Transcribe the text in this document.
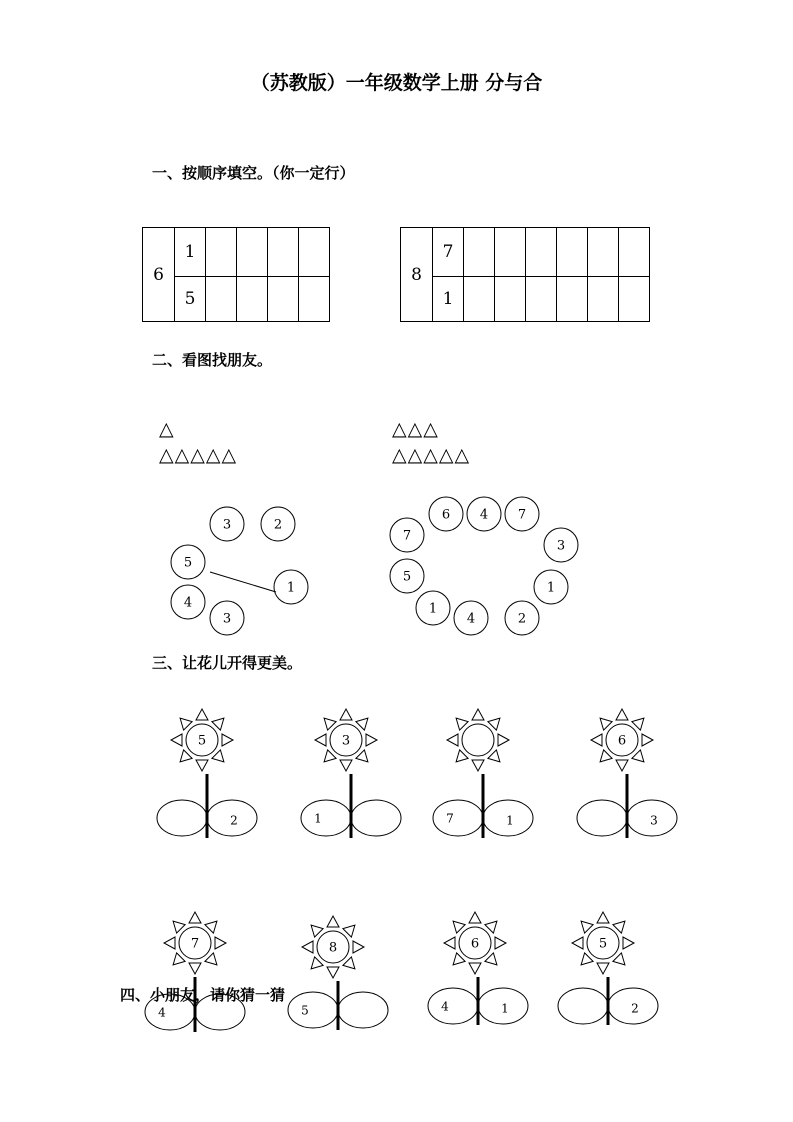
（苏教版）一年级数学上册 分与合
一、按顺序填空。（你一定行）
6	1				
	5				
8	7						
	1						
二、看图找朋友。
△
△△△△△
△△△
△△△△△
三、让花儿开得更美。
3	2
5
1
4
3
6 4 7
7
3
5
1
1
4	2
5
2
3
1	7	1
6
3
7
4
8
5
6
4	1
5
2
四、小朋友，请你猜一猜
